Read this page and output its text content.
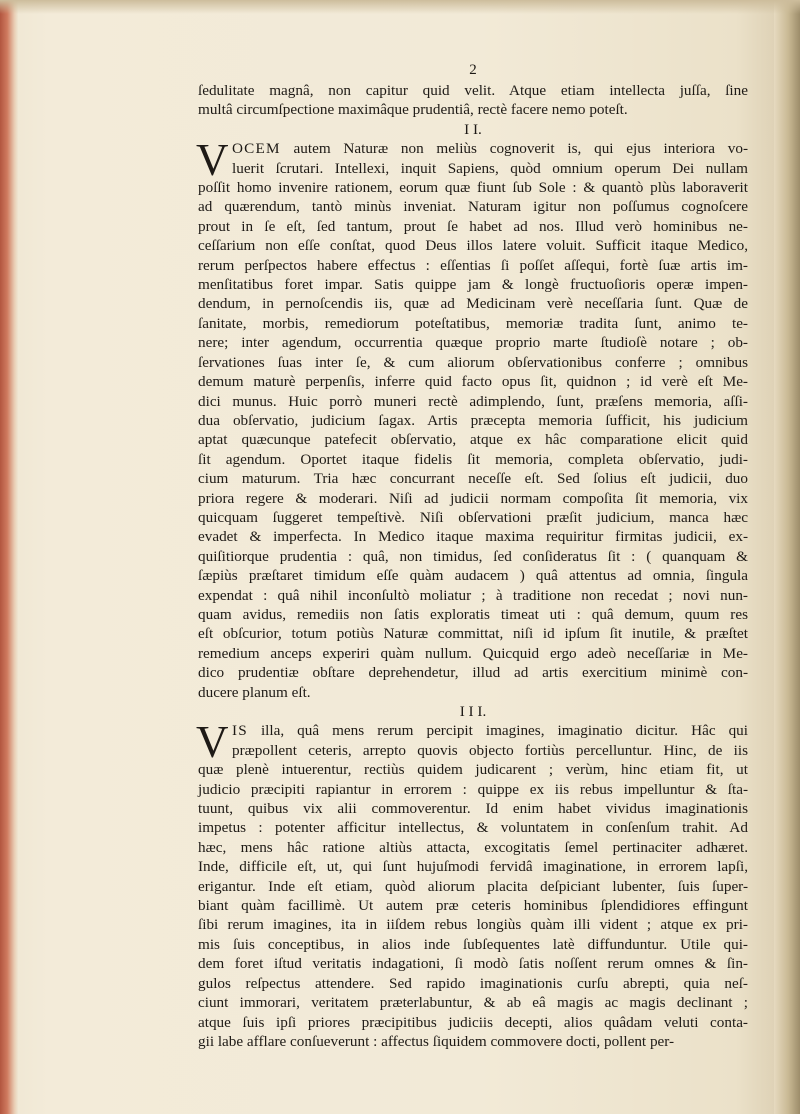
2
ſedulitate magnâ, non capitur quid velit. Atque etiam intellecta juſſa, ſine
multâ circumſpectione maximâque prudentiâ, rectè facere nemo poteſt.
I I.
V OCEM autem Naturæ non meliùs cognoverit is, qui ejus interiora vo-
luerit ſcrutari. Intellexi, inquit Sapiens, quòd omnium operum Dei nullam
poſſit homo invenire rationem, eorum quæ fiunt ſub Sole : & quantò plùs laboraverit
ad quærendum, tantò minùs inveniat. Naturam igitur non poſſumus cognoſcere
prout in ſe eſt, ſed tantum, prout ſe habet ad nos. Illud verò hominibus ne-
ceſſarium non eſſe conſtat, quod Deus illos latere voluit. Sufficit itaque Medico,
rerum perſpectos habere effectus : eſſentias ſi poſſet aſſequi, fortè ſuæ artis im-
menſitatibus foret impar. Satis quippe jam & longè fructuoſioris operæ impen-
dendum, in pernoſcendis iis, quæ ad Medicinam verè neceſſaria ſunt. Quæ de
ſanitate, morbis, remediorum poteſtatibus, memoriæ tradita ſunt, animo te-
nere; inter agendum, occurrentia quæque proprio marte ſtudioſè notare ; ob-
ſervationes ſuas inter ſe, & cum aliorum obſervationibus conferre ; omnibus
demum maturè perpenſis, inferre quid facto opus ſit, quidnon ; id verè eſt Me-
dici munus. Huic porrò muneri rectè adimplendo, ſunt, præſens memoria, aſſi-
dua obſervatio, judicium ſagax. Artis præcepta memoria ſufficit, his judicium
aptat quæcunque patefecit obſervatio, atque ex hâc comparatione elicit quid
ſit agendum. Oportet itaque fidelis ſit memoria, completa obſervatio, judi-
cium maturum. Tria hæc concurrant neceſſe eſt. Sed ſolius eſt judicii, duo
priora regere & moderari. Niſi ad judicii normam compoſita ſit memoria, vix
quicquam ſuggeret tempeſtivè. Niſi obſervationi præſit judicium, manca hæc
evadet & imperfecta. In Medico itaque maxima requiritur firmitas judicii, ex-
quiſitiorque prudentia : quâ, non timidus, ſed conſideratus ſit : ( quanquam &
ſæpiùs præſtaret timidum eſſe quàm audacem ) quâ attentus ad omnia, ſingula
expendat : quâ nihil inconſultò moliatur ; à traditione non recedat ; novi nun-
quam avidus, remediis non ſatis exploratis timeat uti : quâ demum, quum res
eſt obſcurior, totum potiùs Naturæ committat, niſi id ipſum ſit inutile, & præſtet
remedium anceps experiri quàm nullum. Quicquid ergo adeò neceſſariæ in Me-
dico prudentiæ obſtare deprehendetur, illud ad artis exercitium minimè con-
ducere planum eſt.
I I I.
V IS illa, quâ mens rerum percipit imagines, imaginatio dicitur. Hâc qui
præpollent ceteris, arrepto quovis objecto fortiùs percelluntur. Hinc, de iis
quæ plenè intuerentur, rectiùs quidem judicarent ; verùm, hinc etiam fit, ut
judicio præcipiti rapiantur in errorem : quippe ex iis rebus impelluntur & ſta-
tuunt, quibus vix alii commoverentur. Id enim habet vividus imaginationis
impetus : potenter afficitur intellectus, & voluntatem in conſenſum trahit. Ad
hæc, mens hâc ratione altiùs attacta, excogitatis ſemel pertinaciter adhæret.
Inde, difficile eſt, ut, qui ſunt hujuſmodi fervidâ imaginatione, in errorem lapſi,
erigantur. Inde eſt etiam, quòd aliorum placita deſpiciant lubenter, ſuis ſuper-
biant quàm facillimè. Ut autem præ ceteris hominibus ſplendidiores effingunt
ſibi rerum imagines, ita in iiſdem rebus longiùs quàm illi vident ; atque ex pri-
mis ſuis conceptibus, in alios inde ſubſequentes latè diffunduntur. Utile qui-
dem foret iſtud veritatis indagationi, ſi modò ſatis noſſent rerum omnes & ſin-
gulos reſpectus attendere. Sed rapido imaginationis curſu abrepti, quia neſ-
ciunt immorari, veritatem præterlabuntur, & ab eâ magis ac magis declinant ;
atque ſuis ipſi priores præcipitibus judiciis decepti, alios quâdam veluti conta-
gii labe afflare conſueverunt : affectus ſiquidem commovere docti, pollent per-
